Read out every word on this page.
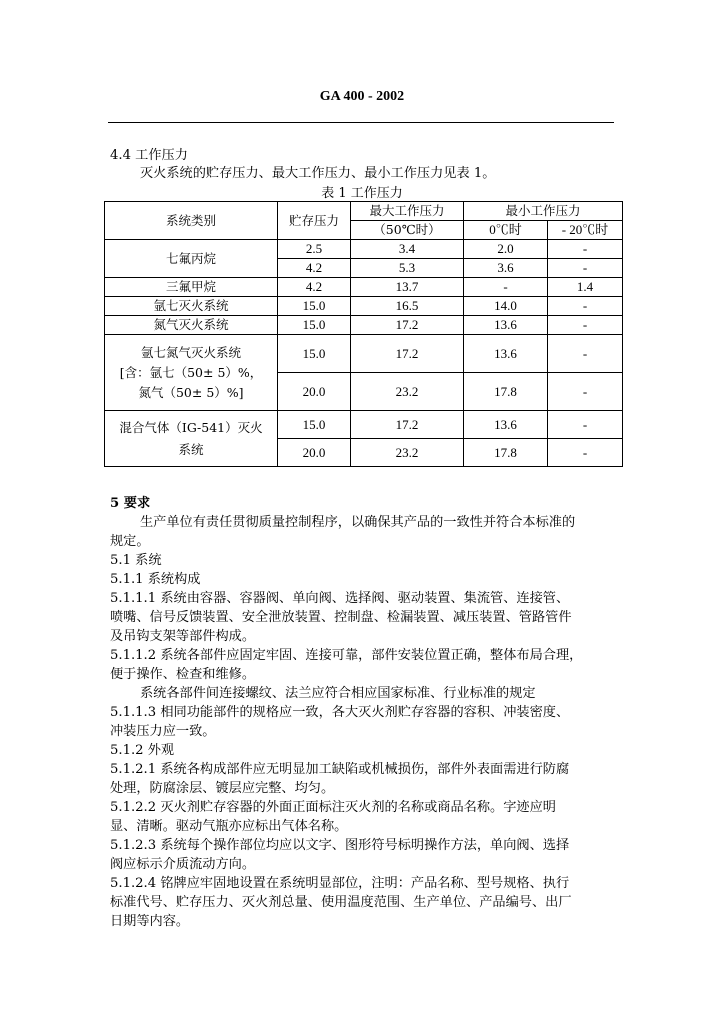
GA 400 - 2002
4.4 工作压力
灭火系统的贮存压力、最大工作压力、最小工作压力见表 1。
表 1 工作压力
系统类别	贮存压力	最大工作压力	最小工作压力	
		（50℃时）	0℃时	- 20℃时
七氟丙烷	2.5	3.4	2.0	-
	4.2	5.3	3.6	-
三氟甲烷	4.2	13.7	-	1.4
氩七灭火系统	15.0	16.5	14.0	-
氮气灭火系统	15.0	17.2	13.6	-

氩七氮气灭火系统
[含：氩七（50± 5）%，
氮气（50± 5）%]	15.0	17.2	13.6	-
	20.0	23.2	17.8	-

混合气体（IG-541）灭火
系统	15.0	17.2	13.6	-
	20.0	23.2	17.8	-
5 要求
生产单位有责任贯彻质量控制程序，以确保其产品的一致性并符合本标准的
规定。
5.1 系统
5.1.1 系统构成
5.1.1.1 系统由容器、容器阀、单向阀、选择阀、驱动装置、集流管、连接管、
喷嘴、信号反馈装置、安全泄放装置、控制盘、检漏装置、减压装置、管路管件
及吊钩支架等部件构成。
5.1.1.2 系统各部件应固定牢固、连接可靠，部件安装位置正确，整体布局合理，
便于操作、检查和维修。
系统各部件间连接螺纹、法兰应符合相应国家标准、行业标准的规定
5.1.1.3 相同功能部件的规格应一致，各大灭火剂贮存容器的容积、冲装密度、
冲装压力应一致。
5.1.2 外观
5.1.2.1 系统各构成部件应无明显加工缺陷或机械损伤，部件外表面需进行防腐
处理，防腐涂层、镀层应完整、均匀。
5.1.2.2 灭火剂贮存容器的外面正面标注灭火剂的名称或商品名称。字迹应明
显、清晰。驱动气瓶亦应标出气体名称。
5.1.2.3 系统每个操作部位均应以文字、图形符号标明操作方法，单向阀、选择
阀应标示介质流动方向。
5.1.2.4 铭牌应牢固地设置在系统明显部位，注明：产品名称、型号规格、执行
标准代号、贮存压力、灭火剂总量、使用温度范围、生产单位、产品编号、出厂
日期等内容。
